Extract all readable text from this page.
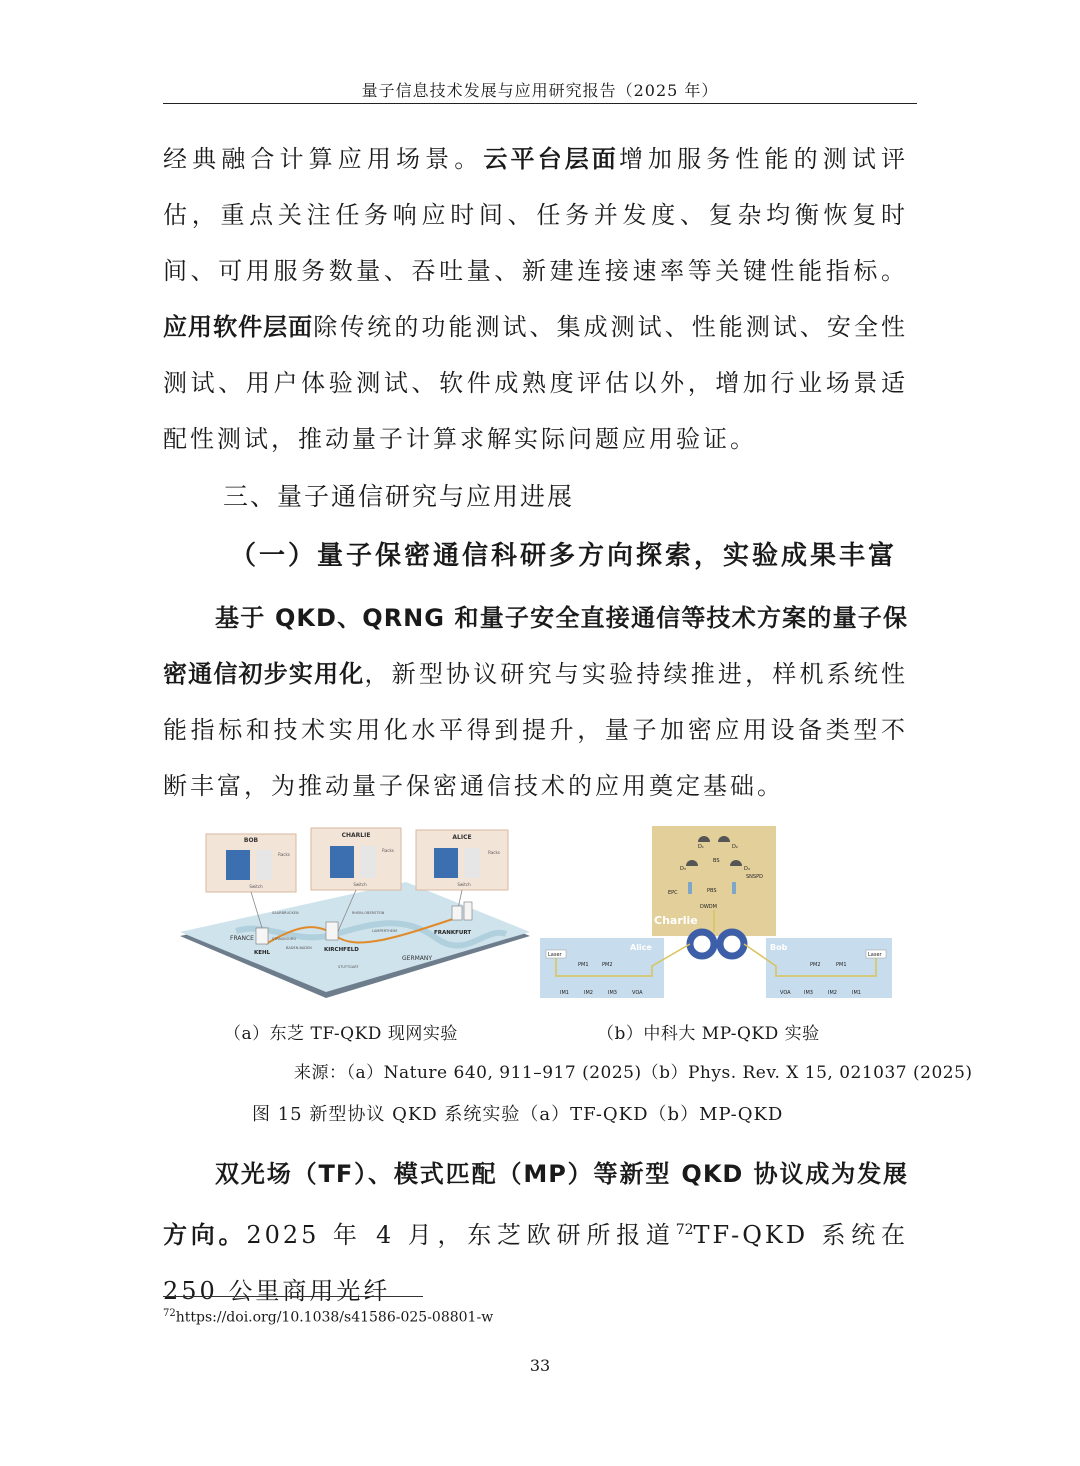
量子信息技术发展与应用研究报告（2025 年）

经典融合计算应用场景。云平台层面增加服务性能的测试评估，重点关注任务响应时间、任务并发度、复杂均衡恢复时间、可用服务数量、吞吐量、新建连接速率等关键性能指标。应用软件层面除传统的功能测试、集成测试、性能测试、安全性测试、用户体验测试、软件成熟度评估以外，增加行业场景适配性测试，推动量子计算求解实际问题应用验证。

三、量子通信研究与应用进展
（一）量子保密通信科研多方向探索，实验成果丰富

基于 QKD、QRNG 和量子安全直接通信等技术方案的量子保密通信初步实用化，新型协议研究与实验持续推进，样机系统性能指标和技术实用化水平得到提升，量子加密应用设备类型不断丰富，为推动量子保密通信技术的应用奠定基础。

BOB
CHARLIE	ALICE
Racks
Racks	Racks
Switch	Switch	Switch
FRANCE
GERMANY
KEHL	KIRCHFELD
FRANKFURT
SAARBRUCKEN	RHEIN-OBERSTEIN
LAMPERTHEIM
STRASBOURG
BADEN-BADEN
STUTTGART
D₁	D₂
D₃	D₄
BS
SNSPD
EPC	PBS
DWDM
Charlie
Laser	Laser
Alice	Bob
PM1	PM2
IM1	IM2	IM3	VOA
PM2	PM1
VOA	IM3	IM2	IM1
（a）东芝 TF-QKD 现网实验	（b）中科大 MP-QKD 实验
来源：（a）Nature 640, 911–917 (2025)（b）Phys. Rev. X 15, 021037 (2025)
图 15 新型协议 QKD 系统实验（a）TF-QKD（b）MP-QKD

双光场（TF）、模式匹配（MP）等新型 QKD 协议成为发展方向。2025 年 4 月，东芝欧研所报道$^{72}$TF-QKD 系统在 250 公里商用光纤

$^{72}$https://doi.org/10.1038/s41586-025-08801-w
33
